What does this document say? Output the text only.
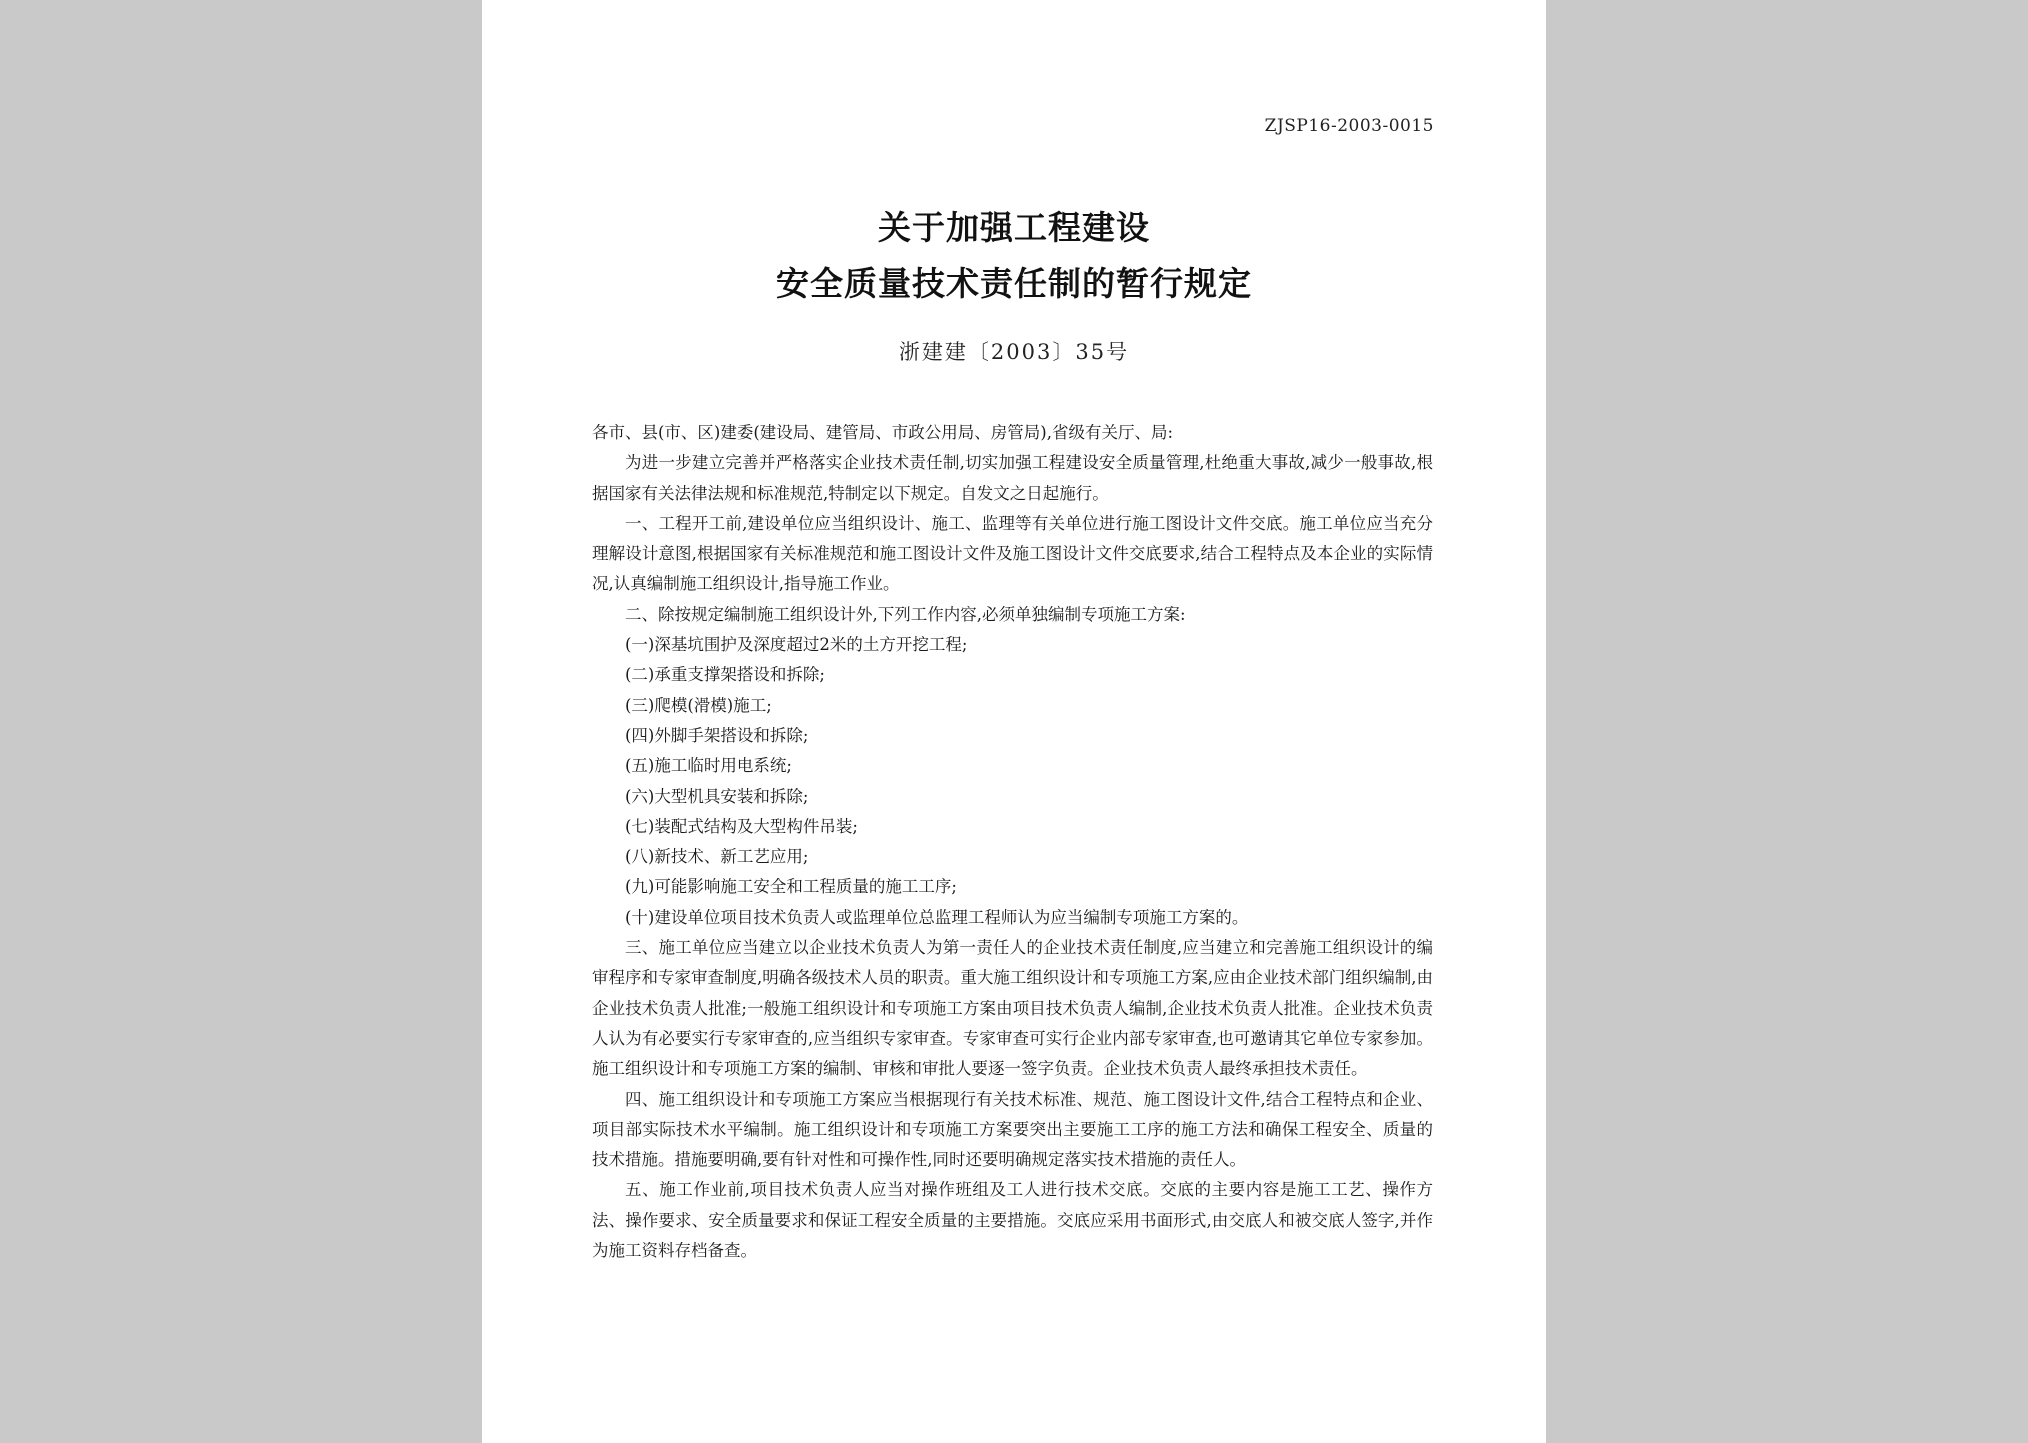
ZJSP16-2003-0015
关于加强工程建设
安全质量技术责任制的暂行规定
浙建建〔2003〕35号

各市、县(市、区)建委(建设局、建管局、市政公用局、房管局),省级有关厅、局:

为进一步建立完善并严格落实企业技术责任制,切实加强工程建设安全质量管理,杜绝重大事故,减少一般事故,根据国家有关法律法规和标准规范,特制定以下规定。自发文之日起施行。

一、工程开工前,建设单位应当组织设计、施工、监理等有关单位进行施工图设计文件交底。施工单位应当充分理解设计意图,根据国家有关标准规范和施工图设计文件及施工图设计文件交底要求,结合工程特点及本企业的实际情况,认真编制施工组织设计,指导施工作业。

二、除按规定编制施工组织设计外,下列工作内容,必须单独编制专项施工方案:

(一)深基坑围护及深度超过2米的土方开挖工程;

(二)承重支撑架搭设和拆除;

(三)爬模(滑模)施工;

(四)外脚手架搭设和拆除;

(五)施工临时用电系统;

(六)大型机具安装和拆除;

(七)装配式结构及大型构件吊装;

(八)新技术、新工艺应用;

(九)可能影响施工安全和工程质量的施工工序;

(十)建设单位项目技术负责人或监理单位总监理工程师认为应当编制专项施工方案的。

三、施工单位应当建立以企业技术负责人为第一责任人的企业技术责任制度,应当建立和完善施工组织设计的编审程序和专家审查制度,明确各级技术人员的职责。重大施工组织设计和专项施工方案,应由企业技术部门组织编制,由企业技术负责人批准;一般施工组织设计和专项施工方案由项目技术负责人编制,企业技术负责人批准。企业技术负责人认为有必要实行专家审查的,应当组织专家审查。专家审查可实行企业内部专家审查,也可邀请其它单位专家参加。施工组织设计和专项施工方案的编制、审核和审批人要逐一签字负责。企业技术负责人最终承担技术责任。

四、施工组织设计和专项施工方案应当根据现行有关技术标准、规范、施工图设计文件,结合工程特点和企业、项目部实际技术水平编制。施工组织设计和专项施工方案要突出主要施工工序的施工方法和确保工程安全、质量的技术措施。措施要明确,要有针对性和可操作性,同时还要明确规定落实技术措施的责任人。

五、施工作业前,项目技术负责人应当对操作班组及工人进行技术交底。交底的主要内容是施工工艺、操作方法、操作要求、安全质量要求和保证工程安全质量的主要措施。交底应采用书面形式,由交底人和被交底人签字,并作为施工资料存档备查。
